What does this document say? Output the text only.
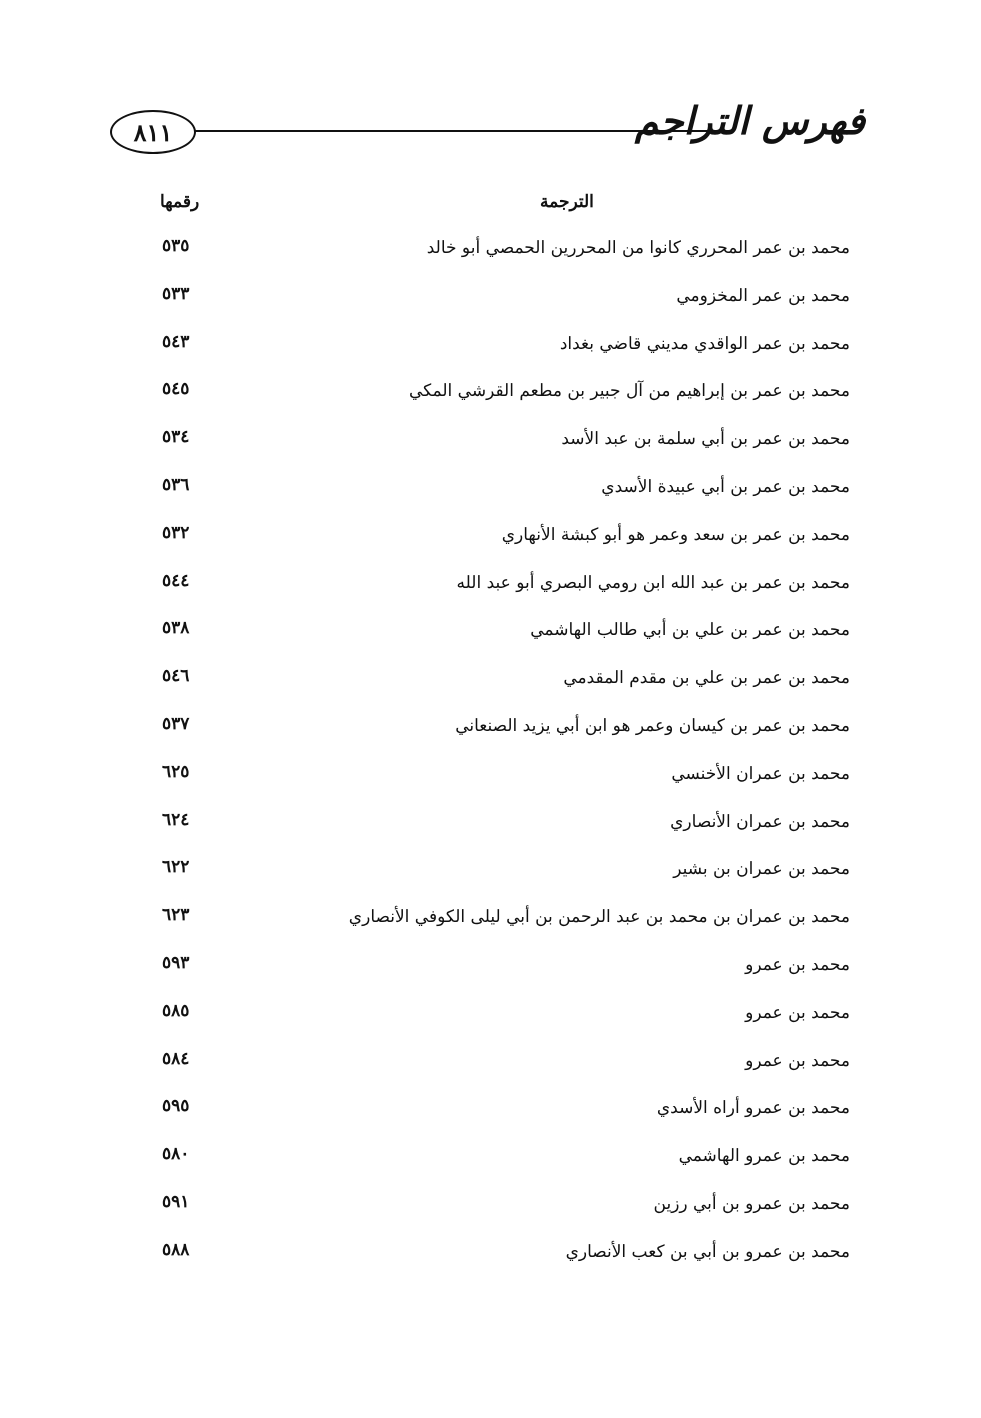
٨١١	فهرس التراجم
الترجمة
رقمها
محمد بن عمر المحرري كانوا من المحررين الحمصي أبو خالد
٥٣٥
محمد بن عمر المخزومي
٥٣٣
محمد بن عمر الواقدي مديني قاضي بغداد
٥٤٣
محمد بن عمر بن إبراهيم من آل جبير بن مطعم القرشي المكي
٥٤٥
محمد بن عمر بن أبي سلمة بن عبد الأسد
٥٣٤
محمد بن عمر بن أبي عبيدة الأسدي
٥٣٦
محمد بن عمر بن سعد وعمر هو أبو كبشة الأنهاري
٥٣٢
محمد بن عمر بن عبد الله ابن رومي البصري أبو عبد الله
٥٤٤
محمد بن عمر بن علي بن أبي طالب الهاشمي
٥٣٨
محمد بن عمر بن علي بن مقدم المقدمي
٥٤٦
محمد بن عمر بن كيسان وعمر هو ابن أبي يزيد الصنعاني
٥٣٧
محمد بن عمران الأخنسي
٦٢٥
محمد بن عمران الأنصاري
٦٢٤
محمد بن عمران بن بشير
٦٢٢
محمد بن عمران بن محمد بن عبد الرحمن بن أبي ليلى الكوفي الأنصاري
٦٢٣
محمد بن عمرو
٥٩٣
محمد بن عمرو
٥٨٥
محمد بن عمرو
٥٨٤
محمد بن عمرو أراه الأسدي
٥٩٥
محمد بن عمرو الهاشمي
٥٨٠
محمد بن عمرو بن أبي رزين
٥٩١
محمد بن عمرو بن أبي بن كعب الأنصاري
٥٨٨
